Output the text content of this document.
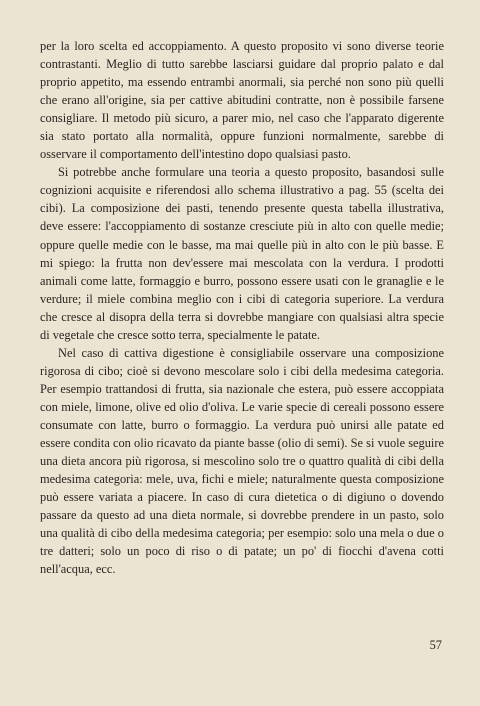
per la loro scelta ed accoppiamento. A questo proposito vi sono diverse teorie contrastanti. Meglio di tutto sarebbe lasciarsi guidare dal proprio palato e dal proprio appetito, ma essendo entrambi anormali, sia perché non sono più quelli che erano all'origine, sia per cattive abitudini contratte, non è possibile farsene consigliare. Il metodo più sicuro, a parer mio, nel caso che l'apparato digerente sia stato portato alla normalità, oppure funzioni normalmente, sarebbe di osservare il comportamento dell'intestino dopo qualsiasi pasto.

Si potrebbe anche formulare una teoria a questo proposito, basandosi sulle cognizioni acquisite e riferendosi allo schema illustrativo a pag. 55 (scelta dei cibi). La composizione dei pasti, tenendo presente questa tabella illustrativa, deve essere: l'accoppiamento di sostanze cresciute più in alto con quelle medie; oppure quelle medie con le basse, ma mai quelle più in alto con le più basse. E mi spiego: la frutta non dev'essere mai mescolata con la verdura. I prodotti animali come latte, formaggio e burro, possono essere usati con le granaglie e le verdure; il miele combina meglio con i cibi di categoria superiore. La verdura che cresce al disopra della terra si dovrebbe mangiare con qualsiasi altra specie di vegetale che cresce sotto terra, specialmente le patate.

Nel caso di cattiva digestione è consigliabile osservare una composizione rigorosa di cibo; cioè si devono mescolare solo i cibi della medesima categoria. Per esempio trattandosi di frutta, sia nazionale che estera, può essere accoppiata con miele, limone, olive ed olio d'oliva. Le varie specie di cereali possono essere consumate con latte, burro o formaggio. La verdura può unirsi alle patate ed essere condita con olio ricavato da piante basse (olio di semi). Se si vuole seguire una dieta ancora più rigorosa, si mescolino solo tre o quattro qualità di cibi della medesima categoria: mele, uva, fichi e miele; naturalmente questa composizione può essere variata a piacere. In caso di cura dietetica o di digiuno o dovendo passare da questo ad una dieta normale, si dovrebbe prendere in un pasto, solo una qualità di cibo della medesima categoria; per esempio: solo una mela o due o tre datteri; solo un poco di riso o di patate; un po' di fiocchi d'avena cotti nell'acqua, ecc.

57
